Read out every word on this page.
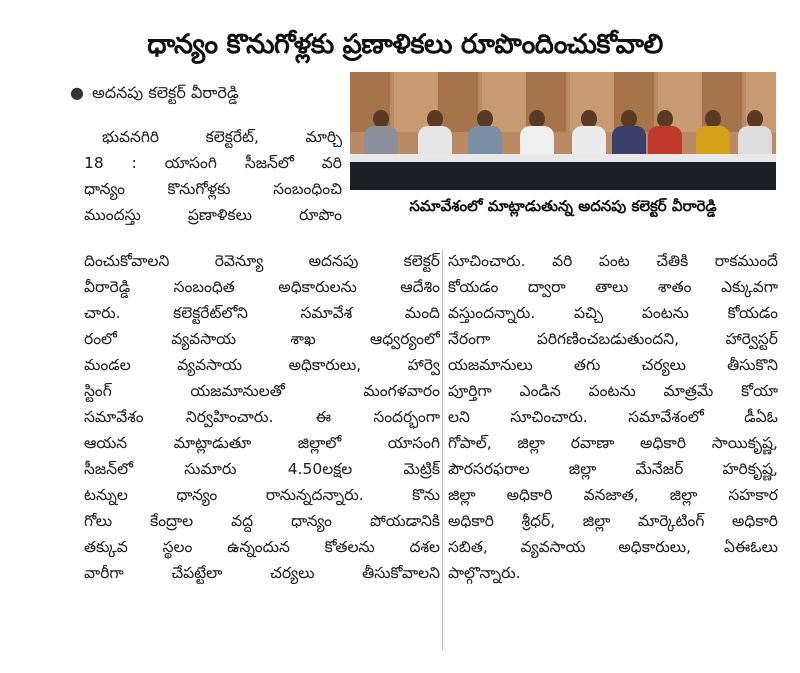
ధాన్యం కొనుగోళ్లకు ప్రణాళికలు రూపొందించుకోవాలి
● అదనపు కలెక్టర్ వీరారెడ్డి
సమావేశంలో మాట్లాడుతున్న అదనపు కలెక్టర్ వీరారెడ్డి
భువనగిరి కలెక్టరేట్, మార్చి
18 : యాసంగి సీజన్‌లో వరి
ధాన్యం కొనుగోళ్లకు సంబంధించి
ముందస్తు ప్రణాళికలు రూపొం
దించుకోవాలని రెవెన్యూ అదనపు కలెక్టర్
వీరారెడ్డి సంబంధిత అధికారులను ఆదేశిం
చారు. కలెక్టరేట్‌లోని సమావేశ మంది
రంలో వ్యవసాయ శాఖ ఆధ్వర్యంలో
మండల వ్యవసాయ అధికారులు, హార్వె
స్టింగ్ యజమానులతో మంగళవారం
సమావేశం నిర్వహించారు. ఈ సందర్భంగా
ఆయన మాట్లాడుతూ జిల్లాలో యాసంగి
సీజన్‌లో సుమారు 4.50లక్షల మెట్రిక్
టన్నుల ధాన్యం రానున్నదన్నారు. కొను
గోలు కేంద్రాల వద్ద ధాన్యం పోయడానికి
తక్కువ స్థలం ఉన్నందున కోతలను దశల
వారీగా చేపట్టేలా చర్యలు తీసుకోవాలని
సూచించారు. వరి పంట చేతికి రాకముందే
కోయడం ద్వారా తాలు శాతం ఎక్కువగా
వస్తుందన్నారు. పచ్చి పంటను కోయడం
నేరంగా పరిగణించబడుతుందని, హార్వెస్టర్
యజమానులు తగు చర్యలు తీసుకొని
పూర్తిగా ఎండిన పంటను మాత్రమే కోయా
లని సూచించారు. సమావేశంలో డీఏఓ
గోపాల్, జిల్లా రవాణా అధికారి సాయికృష్ణ,
పౌరసరఫరాల జిల్లా మేనేజర్ హరికృష్ణ,
జిల్లా అధికారి వనజాత, జిల్లా సహకార
అధికారి శ్రీధర్, జిల్లా మార్కెటింగ్ అధికారి
సబిత, వ్యవసాయ అధికారులు, ఏఈఓలు
పాల్గొన్నారు.
